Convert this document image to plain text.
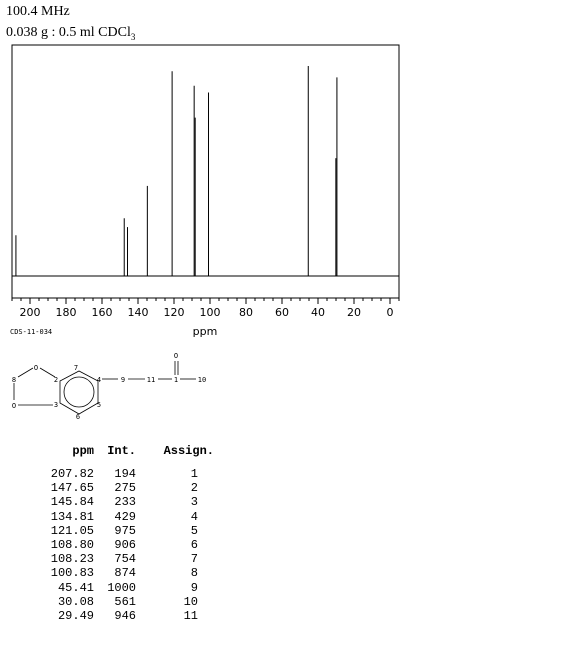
100.4 MHz
0.038 g : 0.5 ml CDCl$_3$
200 180 160 140 120 100 80 60 40 20 0
ppm
CDS-11-034
O
8
O
7
2
3
4
5
6
9	11	1	10
O
ppm	Int.	Assign.
207.82	194	1
147.65	275	2
145.84	233	3
134.81	429	4
121.05	975	5
108.80	906	6
108.23	754	7
100.83	874	8
45.41	1000	9
30.08	561	10
29.49	946	11
